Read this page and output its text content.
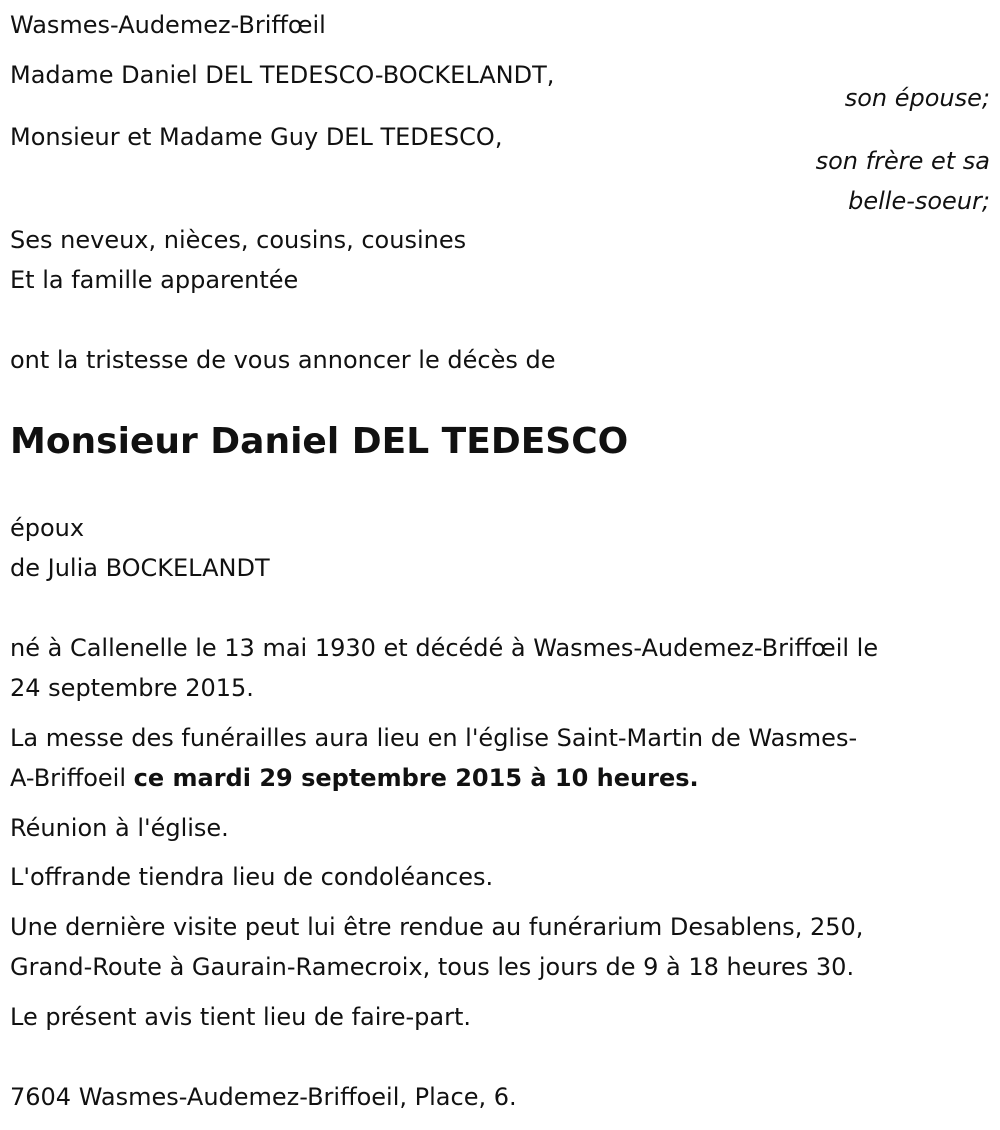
Wasmes-Audemez-Briffœil
Madame Daniel DEL TEDESCO-BOCKELANDT,
son épouse;
Monsieur et Madame Guy DEL TEDESCO,
son frère et sa
belle-soeur;
Ses neveux, nièces, cousins, cousines
Et la famille apparentée
ont la tristesse de vous annoncer le décès de
Monsieur Daniel DEL TEDESCO
époux
de Julia BOCKELANDT
né à Callenelle le 13 mai 1930 et décédé à Wasmes-Audemez-Briffœil le
24 septembre 2015.
La messe des funérailles aura lieu en l'église Saint-Martin de Wasmes-
A-Briffoeil ce mardi 29 septembre 2015 à 10 heures.
Réunion à l'église.
L'offrande tiendra lieu de condoléances.
Une dernière visite peut lui être rendue au funérarium Desablens, 250,
Grand-Route à Gaurain-Ramecroix, tous les jours de 9 à 18 heures 30.
Le présent avis tient lieu de faire-part.
7604 Wasmes-Audemez-Briffoeil, Place, 6.
